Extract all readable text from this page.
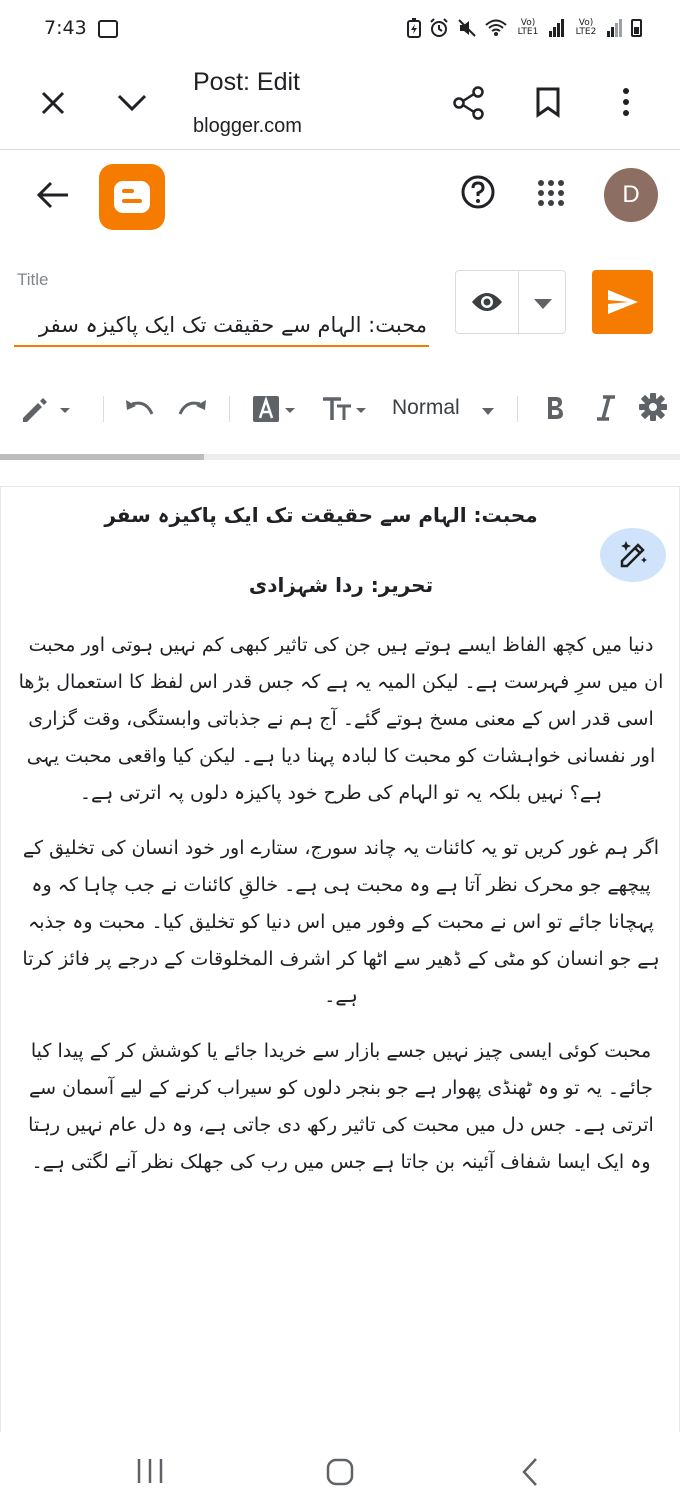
7:43	Vo) LTE1
Vo) LTE2
Post: Edit
blogger.com
D
Title
محبت: الہام سے حقیقت تک ایک پاکیزہ سفر
Normal
محبت: الہام سے حقیقت تک ایک پاکیزہ سفر
تحریر: ردا شہزادی

دنیا میں کچھ الفاظ ایسے ہوتے ہیں جن کی تاثیر کبھی کم نہیں ہوتی اور محبت ان میں سرِ فہرست ہے۔ لیکن المیہ یہ ہے کہ جس قدر اس لفظ کا استعمال بڑھا اسی قدر اس کے معنی مسخ ہوتے گئے۔ آج ہم نے جذباتی وابستگی، وقت گزاری اور نفسانی خواہشات کو محبت کا لبادہ پہنا دیا ہے۔ لیکن کیا واقعی محبت یہی ہے؟ نہیں بلکہ یہ تو الہام کی طرح خود پاکیزہ دلوں پہ اترتی ہے۔

اگر ہم غور کریں تو یہ کائنات یہ چاند سورج، ستارے اور خود انسان کی تخلیق کے پیچھے جو محرک نظر آتا ہے وہ محبت ہی ہے۔ خالقِ کائنات نے جب چاہا کہ وہ پہچانا جائے تو اس نے محبت کے وفور میں اس دنیا کو تخلیق کیا۔ محبت وہ جذبہ ہے جو انسان کو مٹی کے ڈھیر سے اٹھا کر اشرف المخلوقات کے درجے پر فائز کرتا ہے۔

محبت کوئی ایسی چیز نہیں جسے بازار سے خریدا جائے یا کوشش کر کے پیدا کیا جائے۔ یہ تو وہ ٹھنڈی پھوار ہے جو بنجر دلوں کو سیراب کرنے کے لیے آسمان سے اترتی ہے۔ جس دل میں محبت کی تاثیر رکھ دی جاتی ہے، وہ دل عام نہیں رہتا وہ ایک ایسا شفاف آئینہ بن جاتا ہے جس میں رب کی جھلک نظر آنے لگتی ہے۔
